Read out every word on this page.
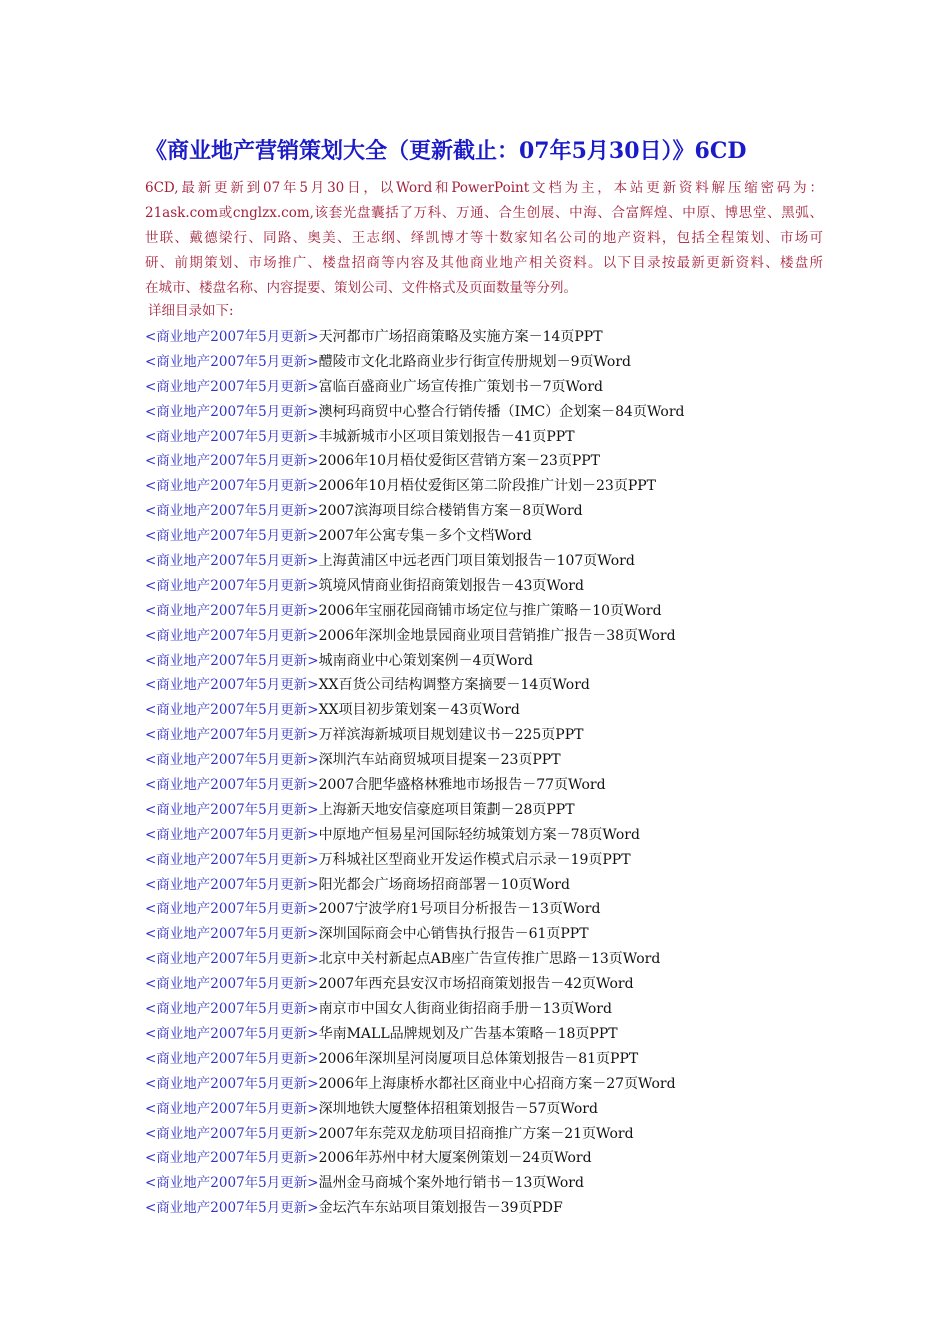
《商业地产营销策划大全（更新截止：07年5月30日）》6CD
6CD,最新更新到07年5月30日，以Word和PowerPoint文档为主，本站更新资料解压缩密码为：
21ask.com或cnglzx.com,该套光盘囊括了万科、万通、合生创展、中海、合富辉煌、中原、博思堂、黑弧、
世联、戴德梁行、同路、奥美、王志纲、绎凯博才等十数家知名公司的地产资料，包括全程策划、市场可
研、前期策划、市场推广、楼盘招商等内容及其他商业地产相关资料。以下目录按最新更新资料、楼盘所
在城市、楼盘名称、内容提要、策划公司、文件格式及页面数量等分列。
详细目录如下:
<商业地产2007年5月更新>天河都市广场招商策略及实施方案－14页PPT
<商业地产2007年5月更新>醴陵市文化北路商业步行街宣传册规划－9页Word
<商业地产2007年5月更新>富临百盛商业广场宣传推广策划书－7页Word
<商业地产2007年5月更新>澳柯玛商贸中心整合行销传播（IMC）企划案－84页Word
<商业地产2007年5月更新>丰城新城市小区项目策划报告－41页PPT
<商业地产2007年5月更新>2006年10月梧仗爱街区营销方案－23页PPT
<商业地产2007年5月更新>2006年10月梧仗爱街区第二阶段推广计划－23页PPT
<商业地产2007年5月更新>2007滨海项目综合楼销售方案－8页Word
<商业地产2007年5月更新>2007年公寓专集－多个文档Word
<商业地产2007年5月更新>上海黄浦区中远老西门项目策划报告－107页Word
<商业地产2007年5月更新>筑境风情商业街招商策划报告－43页Word
<商业地产2007年5月更新>2006年宝丽花园商铺市场定位与推广策略－10页Word
<商业地产2007年5月更新>2006年深圳金地景园商业项目营销推广报告－38页Word
<商业地产2007年5月更新>城南商业中心策划案例－4页Word
<商业地产2007年5月更新>XX百货公司结构调整方案摘要－14页Word
<商业地产2007年5月更新>XX项目初步策划案－43页Word
<商业地产2007年5月更新>万祥滨海新城项目规划建议书－225页PPT
<商业地产2007年5月更新>深圳汽车站商贸城项目提案－23页PPT
<商业地产2007年5月更新>2007合肥华盛格林雅地市场报告－77页Word
<商业地产2007年5月更新>上海新天地安信豪庭项目策劃－28页PPT
<商业地产2007年5月更新>中原地产恒易星河国际轻纺城策划方案－78页Word
<商业地产2007年5月更新>万科城社区型商业开发运作模式启示录－19页PPT
<商业地产2007年5月更新>阳光都会广场商场招商部署－10页Word
<商业地产2007年5月更新>2007宁波学府1号项目分析报告－13页Word
<商业地产2007年5月更新>深圳国际商会中心销售执行报告－61页PPT
<商业地产2007年5月更新>北京中关村新起点AB座广告宣传推广思路－13页Word
<商业地产2007年5月更新>2007年西充县安汉市场招商策划报告－42页Word
<商业地产2007年5月更新>南京市中国女人街商业街招商手册－13页Word
<商业地产2007年5月更新>华南MALL品牌规划及广告基本策略－18页PPT
<商业地产2007年5月更新>2006年深圳星河岗厦项目总体策划报告－81页PPT
<商业地产2007年5月更新>2006年上海康桥水都社区商业中心招商方案－27页Word
<商业地产2007年5月更新>深圳地铁大厦整体招租策划报告－57页Word
<商业地产2007年5月更新>2007年东莞双龙舫项目招商推广方案－21页Word
<商业地产2007年5月更新>2006年苏州中材大厦案例策划－24页Word
<商业地产2007年5月更新>温州金马商城个案外地行销书－13页Word
<商业地产2007年5月更新>金坛汽车东站项目策划报告－39页PDF
